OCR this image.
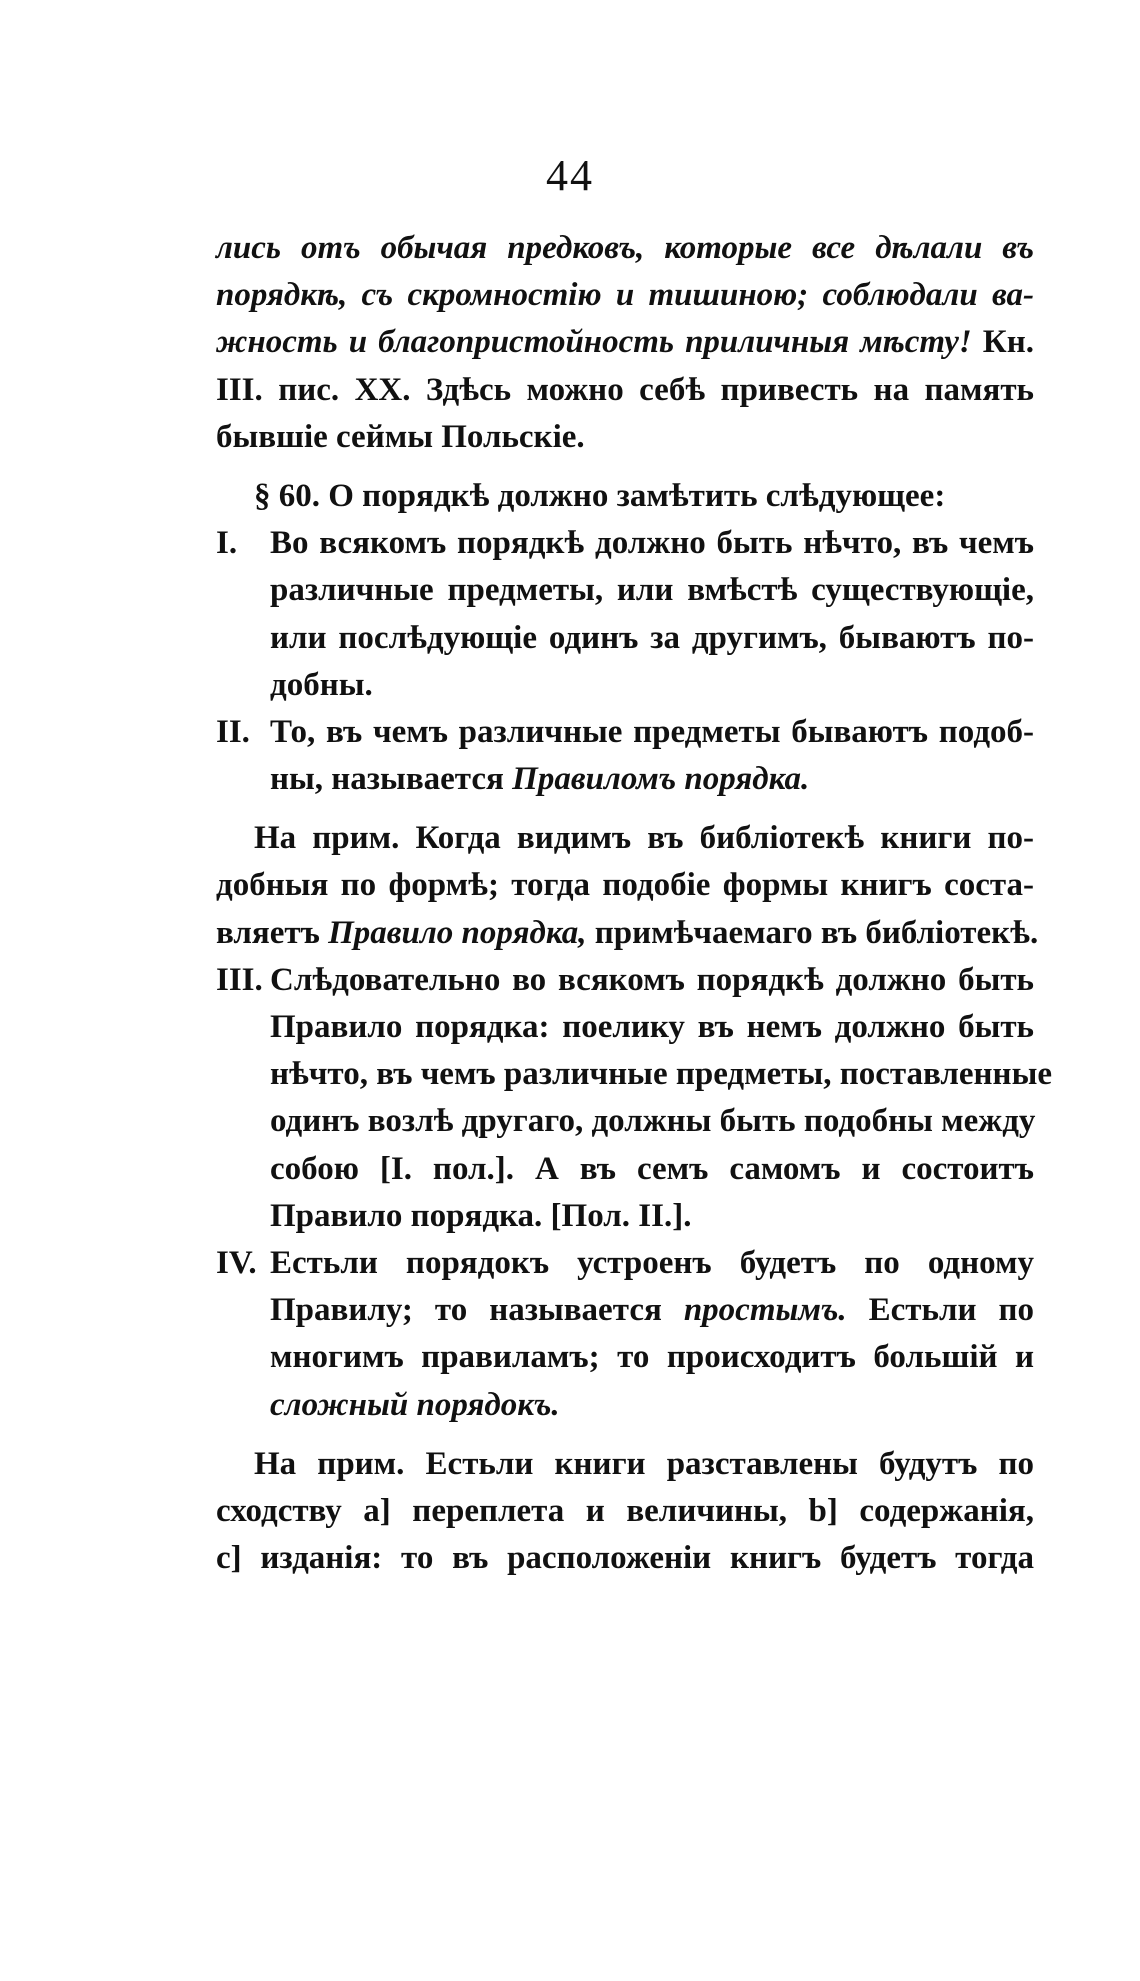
44
лись отъ обычая предковъ, которые все дѣлали въ
порядкѣ, съ скромностію и тишиною; соблюдали ва-
жность и благопристойность приличныя мѣсту! Кн.
III. пис. XX. Здѣсь можно себѣ привесть на память
бывшіе сеймы Польскіе.
§ 60. О порядкѣ должно замѣтить слѣдующее:
I. Во всякомъ порядкѣ должно быть нѣчто, въ чемъ
различные предметы, или вмѣстѣ существующіе,
или послѣдующіе одинъ за другимъ, бываютъ по-
добны.
II. То, въ чемъ различные предметы бываютъ подоб-
ны, называется Правиломъ порядка.
На прим. Когда видимъ въ библіотекѣ книги по-
добныя по формѣ; тогда подобіе формы книгъ соста-
вляетъ Правило порядка, примѣчаемаго въ библіотекѣ.
III. Слѣдовательно во всякомъ порядкѣ должно быть
Правило порядка: поелику въ немъ должно быть
нѣчто, въ чемъ различные предметы, поставленные
одинъ возлѣ другаго, должны быть подобны между
собою [I. пол.]. А въ семъ самомъ и состоитъ
Правило порядка. [Пол. II.].
IV. Естьли порядокъ устроенъ будетъ по одному
Правилу; то называется простымъ. Естьли по
многимъ правиламъ; то происходитъ большій и
сложный порядокъ.
На прим. Естьли книги разставлены будутъ по
сходству а] переплета и величины, b] содержанія,
с] изданія: то въ расположеніи книгъ будетъ тогда
